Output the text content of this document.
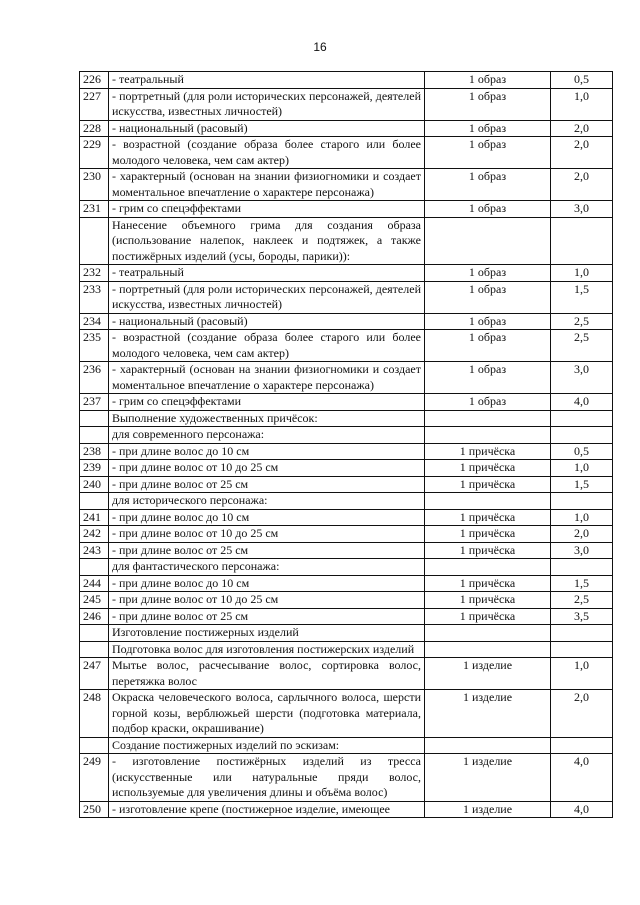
16
226	- театральный	1 образ	0,5
227	- портретный (для роли исторических персонажей, деятелей искусства, известных личностей)	1 образ	1,0
228	- национальный (расовый)	1 образ	2,0
229	- возрастной (создание образа более старого или более молодого человека, чем сам актер)	1 образ	2,0
230	- характерный (основан на знании физиогномики и создает моментальное впечатление о характере персонажа)	1 образ	2,0
231	- грим со спецэффектами	1 образ	3,0
	Нанесение объемного грима для создания образа (использование налепок, наклеек и подтяжек, а также постижёрных изделий (усы, бороды, парики)):		
232	- театральный	1 образ	1,0
233	- портретный (для роли исторических персонажей, деятелей искусства, известных личностей)	1 образ	1,5
234	- национальный (расовый)	1 образ	2,5
235	- возрастной (создание образа более старого или более молодого человека, чем сам актер)	1 образ	2,5
236	- характерный (основан на знании физиогномики и создает моментальное впечатление о характере персонажа)	1 образ	3,0
237	- грим со спецэффектами	1 образ	4,0
	Выполнение художественных причёсок:		
	для современного персонажа:		
238	- при длине волос до 10 см	1 причёска	0,5
239	- при длине волос от 10 до 25 см	1 причёска	1,0
240	- при длине волос от 25 см	1 причёска	1,5
	для исторического персонажа:		
241	- при длине волос до 10 см	1 причёска	1,0
242	- при длине волос от 10 до 25 см	1 причёска	2,0
243	- при длине волос от 25 см	1 причёска	3,0
	для фантастического персонажа:		
244	- при длине волос до 10 см	1 причёска	1,5
245	- при длине волос от 10 до 25 см	1 причёска	2,5
246	- при длине волос от 25 см	1 причёска	3,5
	Изготовление постижерных изделий		
	Подготовка волос для изготовления постижерских изделий		
247	Мытье волос, расчесывание волос, сортировка волос, перетяжка волос	1 изделие	1,0
248	Окраска человеческого волоса, сарлычного волоса, шерсти горной козы, верблюжьей шерсти (подготовка материала, подбор краски, окрашивание)	1 изделие	2,0
	Создание постижерных изделий по эскизам:		
249	- изготовление постижёрных изделий из тресса (искусственные или натуральные пряди волос, используемые для увеличения длины и объёма волос)	1 изделие	4,0
250	- изготовление крепе (постижерное изделие, имеющее	1 изделие	4,0
